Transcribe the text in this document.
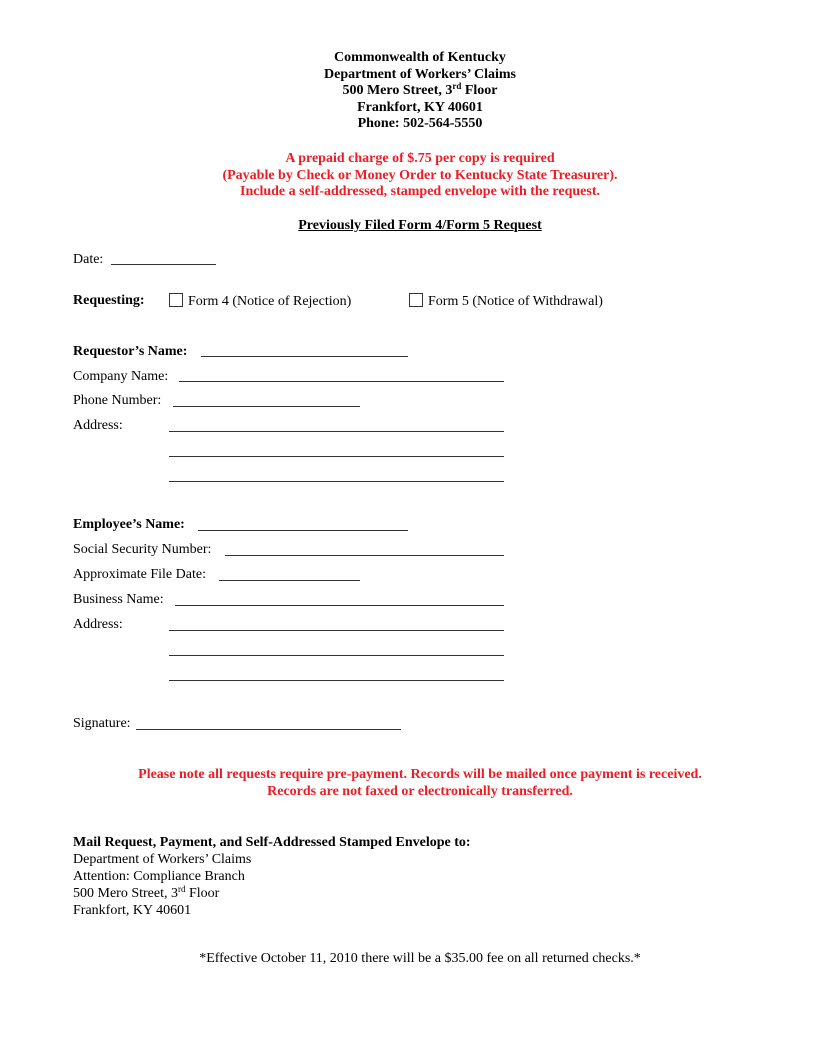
Commonwealth of Kentucky
Department of Workers’ Claims
500 Mero Street, 3rd Floor
Frankfort, KY 40601
Phone: 502-564-5550
A prepaid charge of $.75 per copy is required
(Payable by Check or Money Order to Kentucky State Treasurer).
Include a self-addressed, stamped envelope with the request.
Previously Filed Form 4/Form 5 Request
Date:
Requesting:	Form 4 (Notice of Rejection)	Form 5 (Notice of Withdrawal)
Requestor’s Name:
Company Name:
Phone Number:
Address:
Employee’s Name:
Social Security Number:
Approximate File Date:
Business Name:
Address:
Signature:
Please note all requests require pre-payment. Records will be mailed once payment is received.
Records are not faxed or electronically transferred.
Mail Request, Payment, and Self-Addressed Stamped Envelope to:
Department of Workers’ Claims
Attention: Compliance Branch
500 Mero Street, 3rd Floor
Frankfort, KY 40601
*Effective October 11, 2010 there will be a $35.00 fee on all returned checks.*
